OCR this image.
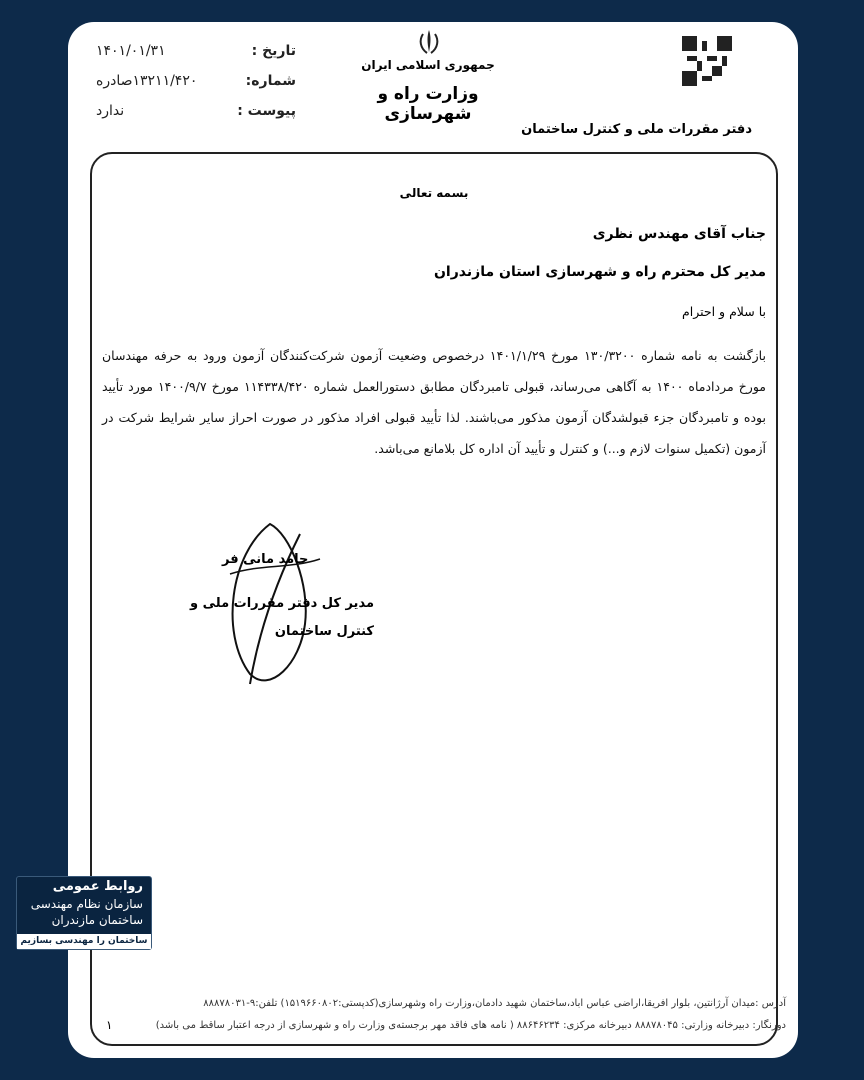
تاریخ :
۱۴۰۱/۰۱/۳۱
شماره:
۱۳۲۱۱/۴۲۰صادره
پیوست :
ندارد
جمهوری اسلامی ایران
وزارت راه و شهرسازی
دفتر مقررات ملی و کنترل ساختمان
بسمه تعالی
جناب آقای مهندس نظری
مدیر کل محترم راه و شهرسازی استان مازندران
با سلام و احترام
بازگشت به نامه شماره ۱۳۰/۳۲۰۰ مورخ ۱۴۰۱/۱/۲۹ درخصوص وضعیت آزمون شرکت‌کنندگان آزمون ورود به حرفه مهندسان مورخ مردادماه ۱۴۰۰ به آگاهی می‌رساند، قبولی تامبردگان مطابق دستورالعمل شماره ۱۱۴۳۳۸/۴۲۰ مورخ ۱۴۰۰/۹/۷ مورد تأیید بوده و تامبردگان جزء قبولشدگان آزمون مذکور می‌باشند. لذا تأیید قبولی افراد مذکور در صورت احراز سایر شرایط شرکت در آزمون (تکمیل سنوات لازم و...) و کنترل و تأیید آن اداره کل بلامانع می‌باشد.
حامد مانی فر
مدیر کل دفتر مقررات ملی و کنترل ساختمان
۱
آدرس :میدان آرژانتین، بلوار افریقا،اراضی عباس اباد،ساختمان شهید دادمان،وزارت راه وشهرسازی(کدپستی:۱۵۱۹۶۶۰۸۰۲) تلفن:۹-۸۸۸۷۸۰۳۱
دورنگار: دبیرخانه وزارتی: ۸۸۸۷۸۰۴۵ دبیرخانه مرکزی: ۸۸۶۴۶۲۳۴ ( نامه های فاقد مهر برجسته‌ی وزارت راه و شهرسازی از درجه اعتبار ساقط می باشد)
روابط عمومی
سازمان نظام مهندسی
ساختمان مازندران
ساختمان را مهندسی بسازیم
